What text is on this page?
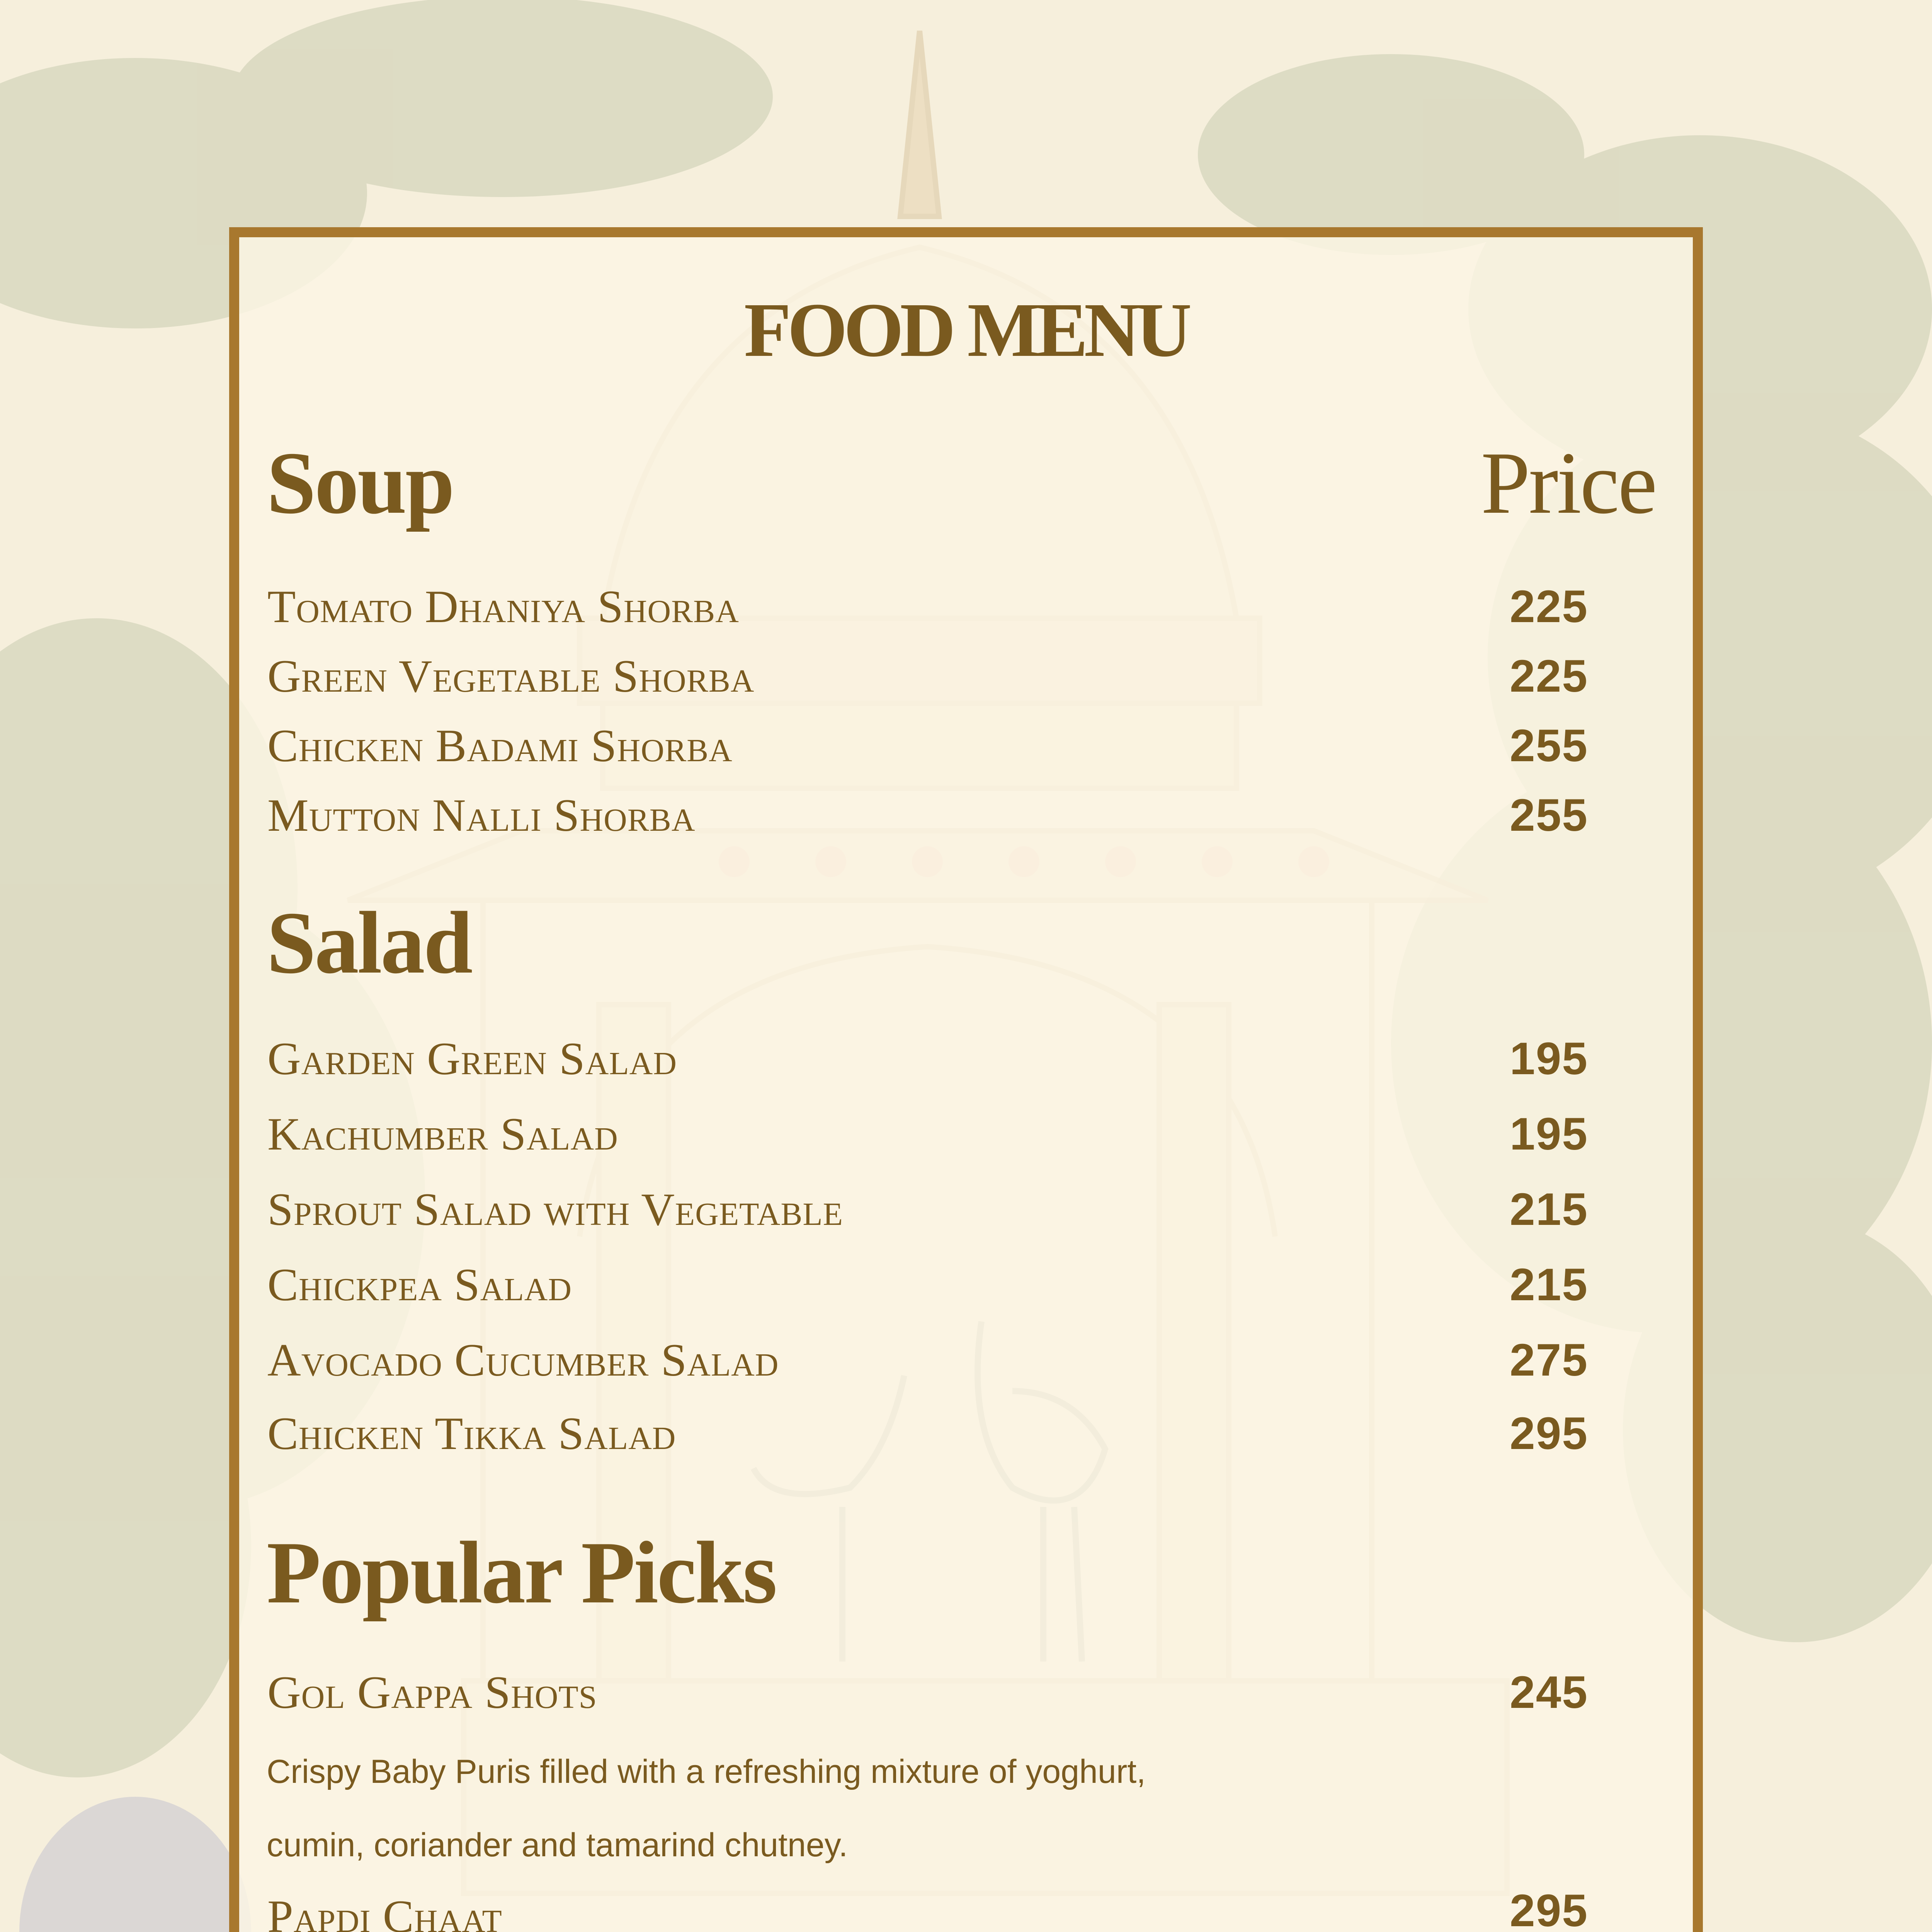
FOOD MENU
Soup	Price
Tomato Dhaniya Shorba	225
Green Vegetable Shorba	225
Chicken Badami Shorba	255
Mutton Nalli Shorba	255
Salad
Garden Green Salad	195
Kachumber Salad	195
Sprout Salad with Vegetable	215
Chickpea Salad	215
Avocado Cucumber Salad	275
Chicken Tikka Salad	295
Popular Picks
Gol Gappa Shots	245
Crispy Baby Puris filled with a refreshing mixture of yoghurt,
cumin, coriander and tamarind chutney.
Papdi Chaat	295
